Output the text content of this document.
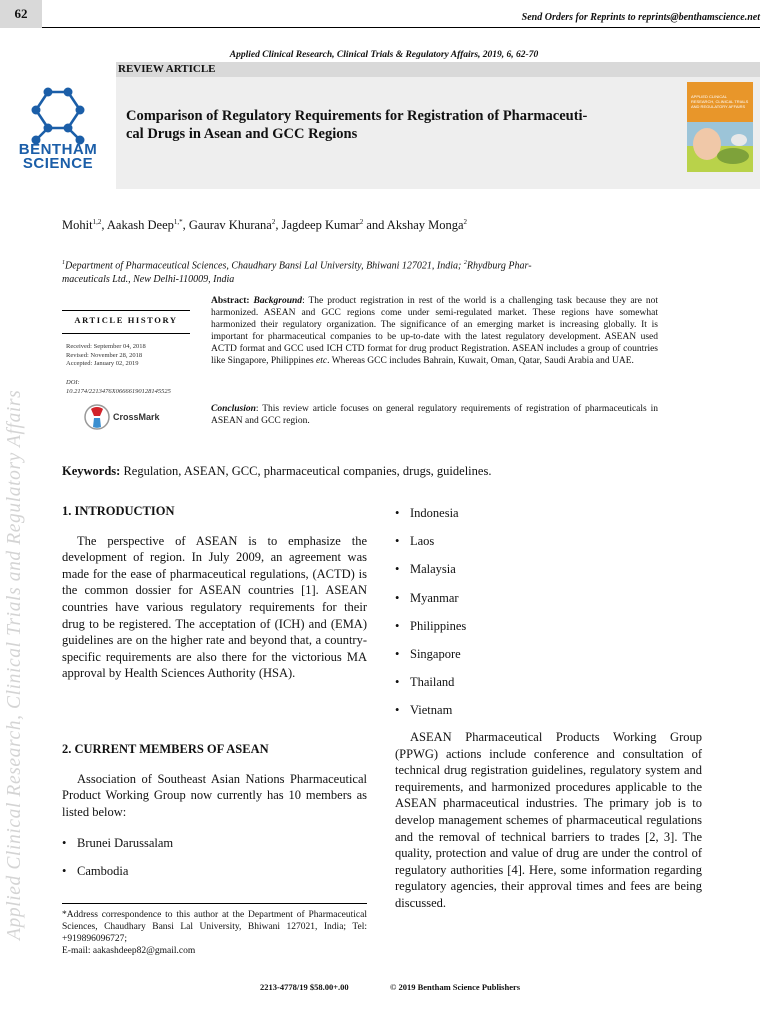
62	Send Orders for Reprints to reprints@benthamscience.net
Applied Clinical Research, Clinical Trials & Regulatory Affairs, 2019, 6, 62-70
REVIEW ARTICLE
Comparison of Regulatory Requirements for Registration of Pharmaceuti-
cal Drugs in Asean and GCC Regions
BENTHAM
SCIENCE
APPLIED CLINICAL RESEARCH, CLINICAL TRIALS AND REGULATORY AFFAIRS
Mohit$^{1,2}$, Aakash Deep$^{1,*}$, Gaurav Khurana$^2$, Jagdeep Kumar$^2$ and Akshay Monga$^2$
$^1$Department of Pharmaceutical Sciences, Chaudhary Bansi Lal University, Bhiwani 127021, India; $^2$Rhydburg Phar-
maceuticals Ltd., New Delhi-110009, India
ARTICLE HISTORY
Received: September 04, 2018
Revised: November 28, 2018
Accepted: January 02, 2019
DOI:
10.2174/2213476X06666190128145525
CrossMark
Abstract: Background: The product registration in rest of the world is a challenging task because they are not harmonized. ASEAN and GCC regions come under semi-regulated market. These regions have somewhat harmonized their regulatory organization. The significance of an emerging market is increasing globally. It is important for pharmaceutical companies to be up-to-date with the latest regulatory development. ASEAN used ACTD format and GCC used ICH CTD format for drug product Registration. ASEAN includes a group of countries like Singapore, Philippines etc. Whereas GCC includes Bahrain, Kuwait, Oman, Qatar, Saudi Arabia and UAE.
Conclusion: This review article focuses on general regulatory requirements of registration of pharmaceuticals in ASEAN and GCC region.
Keywords: Regulation, ASEAN, GCC, pharmaceutical companies, drugs, guidelines.
1. INTRODUCTION

The perspective of ASEAN is to emphasize the development of region. In July 2009, an agreement was made for the ease of pharmaceutical regulations, (ACTD) is the common dossier for ASEAN countries [1]. ASEAN countries have various regulatory requirements for their drug to be registered. The acceptation of (ICH) and (EMA) guidelines are on the higher rate and beyond that, a country-specific requirements are also there for the victorious MA approval by Health Sciences Authority (HSA).

2. CURRENT MEMBERS OF ASEAN

Association of Southeast Asian Nations Pharmaceutical Product Working Group now currently has 10 members as listed below:

• Brunei Darussalam
• Cambodia
• Indonesia
• Laos
• Malaysia
• Myanmar
• Philippines
• Singapore
• Thailand
• Vietnam

ASEAN Pharmaceutical Products Working Group (PPWG) actions include conference and consultation of technical drug registration guidelines, regulatory system and requirements, and harmonized procedures applicable to the ASEAN pharmaceutical industries. The primary job is to develop management schemes of pharmaceutical regulations and the removal of technical barriers to trades [2, 3]. The quality, protection and value of drug are under the control of regulatory authorities [4]. Here, some information regarding regulatory agencies, their approval times and fees are being discussed.

*Address correspondence to this author at the Department of Pharmaceutical Sciences, Chaudhary Bansi Lal University, Bhiwani 127021, India; Tel: +919896096727;
E-mail: aakashdeep82@gmail.com
Applied Clinical Research, Clinical Trials and Regulatory Affairs
2213-4778/19 $58.00+.00	© 2019 Bentham Science Publishers
